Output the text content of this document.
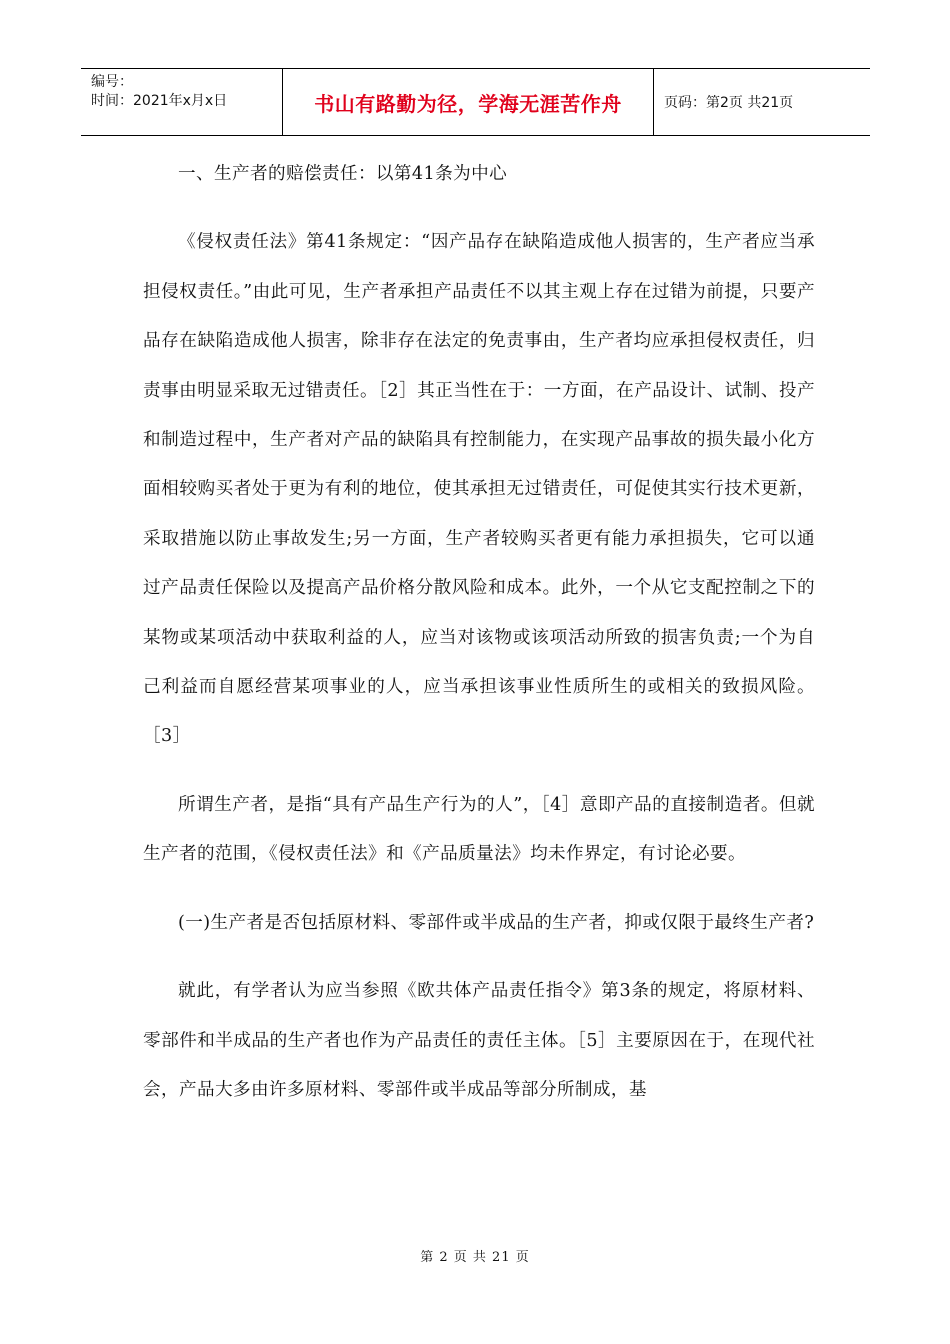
编号：
时间：2021年x月x日	书山有路勤为径，学海无涯苦作舟	页码：第2页 共21页

一、生产者的赔偿责任：以第41条为中心

《侵权责任法》第41条规定：“因产品存在缺陷造成他人损害的，生产者应当承担侵权责任。”由此可见，生产者承担产品责任不以其主观上存在过错为前提，只要产品存在缺陷造成他人损害，除非存在法定的免责事由，生产者均应承担侵权责任，归责事由明显采取无过错责任。［2］其正当性在于：一方面，在产品设计、试制、投产和制造过程中，生产者对产品的缺陷具有控制能力，在实现产品事故的损失最小化方面相较购买者处于更为有利的地位，使其承担无过错责任，可促使其实行技术更新，采取措施以防止事故发生;另一方面，生产者较购买者更有能力承担损失，它可以通过产品责任保险以及提高产品价格分散风险和成本。此外，一个从它支配控制之下的某物或某项活动中获取利益的人，应当对该物或该项活动所致的损害负责;一个为自己利益而自愿经营某项事业的人，应当承担该事业性质所生的或相关的致损风险。［3］

所谓生产者，是指“具有产品生产行为的人”，［4］意即产品的直接制造者。但就生产者的范围，《侵权责任法》和《产品质量法》均未作界定，有讨论必要。

(一)生产者是否包括原材料、零部件或半成品的生产者，抑或仅限于最终生产者?

就此，有学者认为应当参照《欧共体产品责任指令》第3条的规定，将原材料、零部件和半成品的生产者也作为产品责任的责任主体。［5］主要原因在于，在现代社会，产品大多由许多原材料、零部件或半成品等部分所制成，基

第 2 页 共 21 页
